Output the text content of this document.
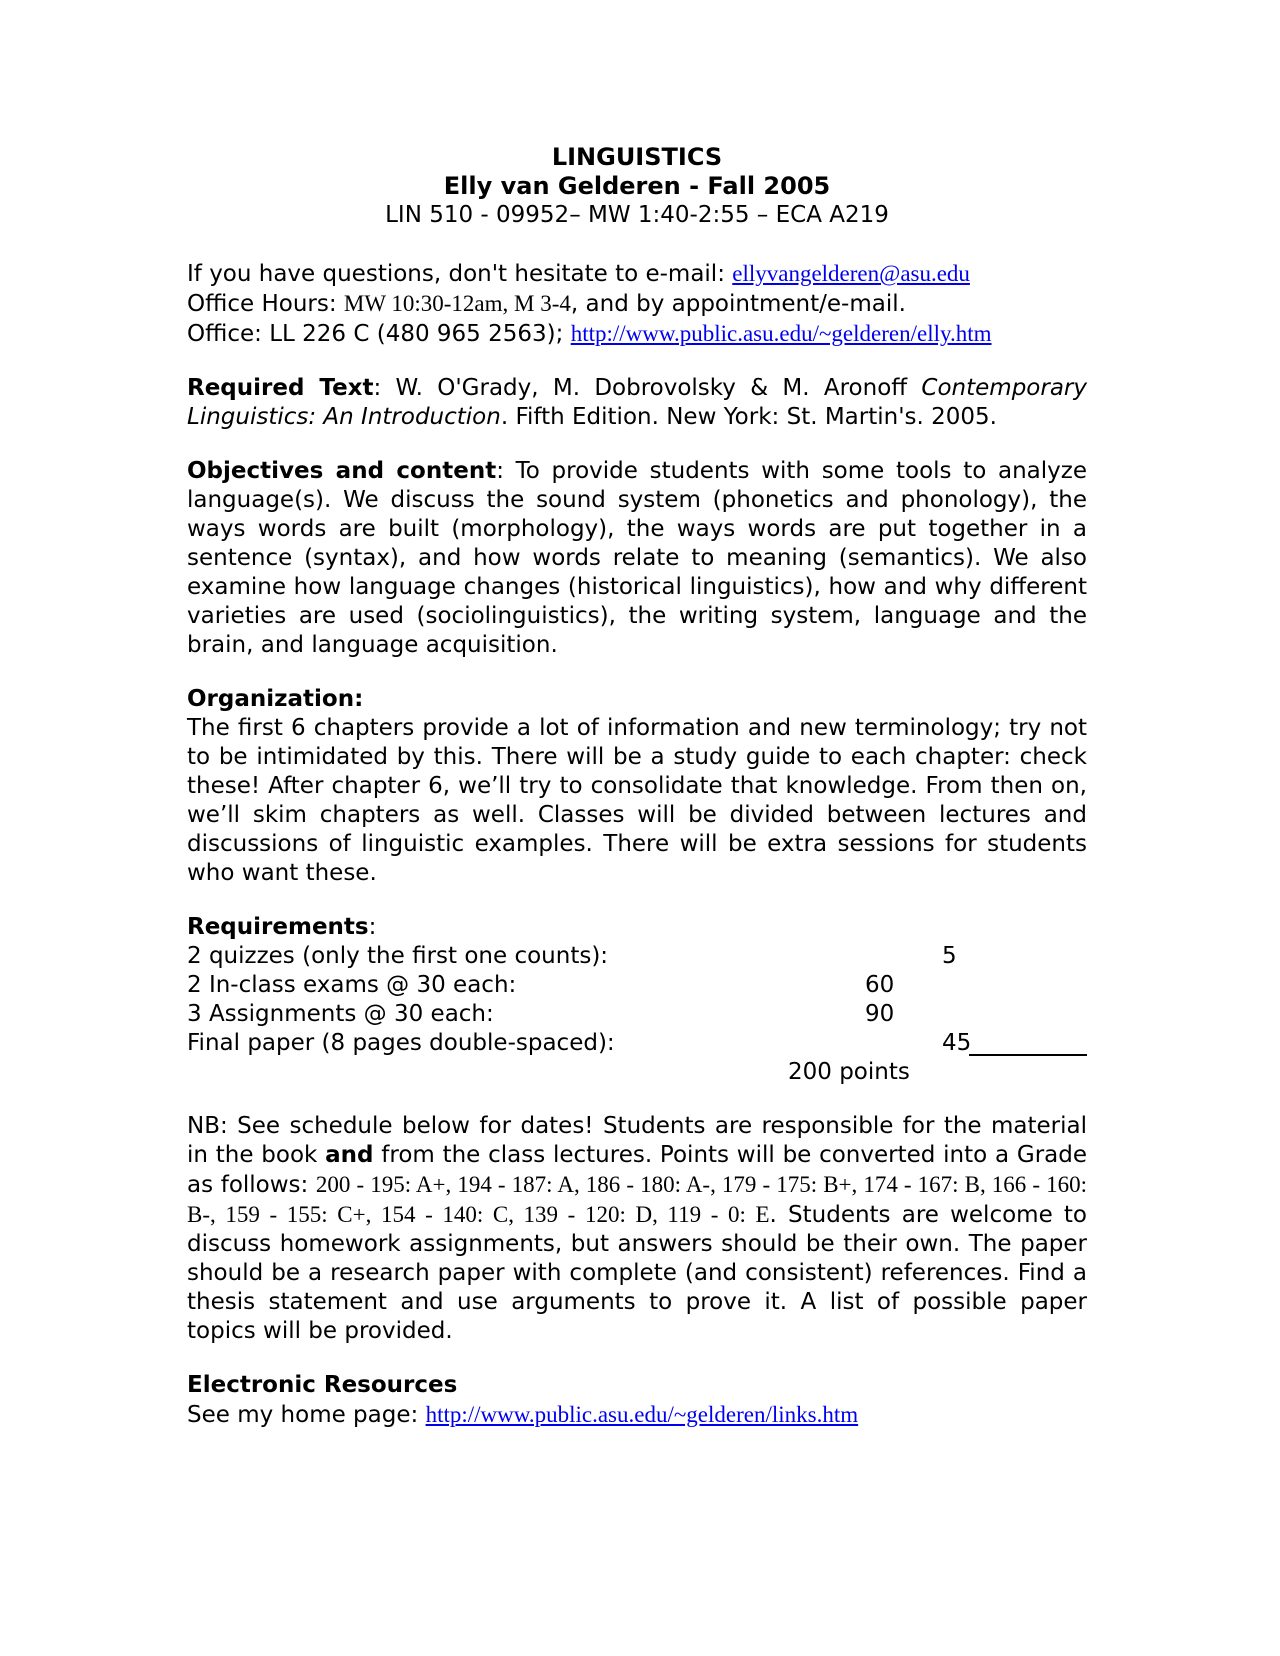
LINGUISTICS
Elly van Gelderen - Fall 2005
LIN 510 - 09952– MW 1:40-2:55 – ECA A219
If you have questions, don't hesitate to e-mail: ellyvangelderen@asu.edu
Office Hours: MW 10:30-12am, M 3-4, and by appointment/e-mail.
Office: LL 226 C (480 965 2563); http://www.public.asu.edu/~gelderen/elly.htm
Required Text: W. O'Grady, M. Dobrovolsky & M. Aronoff Contemporary Linguistics: An Introduction. Fifth Edition. New York: St. Martin's. 2005.
Objectives and content: To provide students with some tools to analyze language(s). We discuss the sound system (phonetics and phonology), the ways words are built (morphology), the ways words are put together in a sentence (syntax), and how words relate to meaning (semantics). We also examine how language changes (historical linguistics), how and why different varieties are used (sociolinguistics), the writing system, language and the brain, and language acquisition.
Organization:
The first 6 chapters provide a lot of information and new terminology; try not to be intimidated by this. There will be a study guide to each chapter: check these! After chapter 6, we’ll try to consolidate that knowledge. From then on, we’ll skim chapters as well. Classes will be divided between lectures and discussions of linguistic examples. There will be extra sessions for students who want these.
Requirements:
2 quizzes (only the first one counts):	5
2 In-class exams @ 30 each:	60
3 Assignments @ 30 each:	90
Final paper (8 pages double-spaced):	45
200 points
NB: See schedule below for dates! Students are responsible for the material in the book and from the class lectures. Points will be converted into a Grade as follows: 200 - 195: A+, 194 - 187: A, 186 - 180: A-, 179 - 175: B+, 174 - 167: B, 166 - 160: B-, 159 - 155: C+, 154 - 140: C, 139 - 120: D, 119 - 0: E. Students are welcome to discuss homework assignments, but answers should be their own. The paper should be a research paper with complete (and consistent) references. Find a thesis statement and use arguments to prove it. A list of possible paper topics will be provided.
Electronic Resources
See my home page: http://www.public.asu.edu/~gelderen/links.htm
